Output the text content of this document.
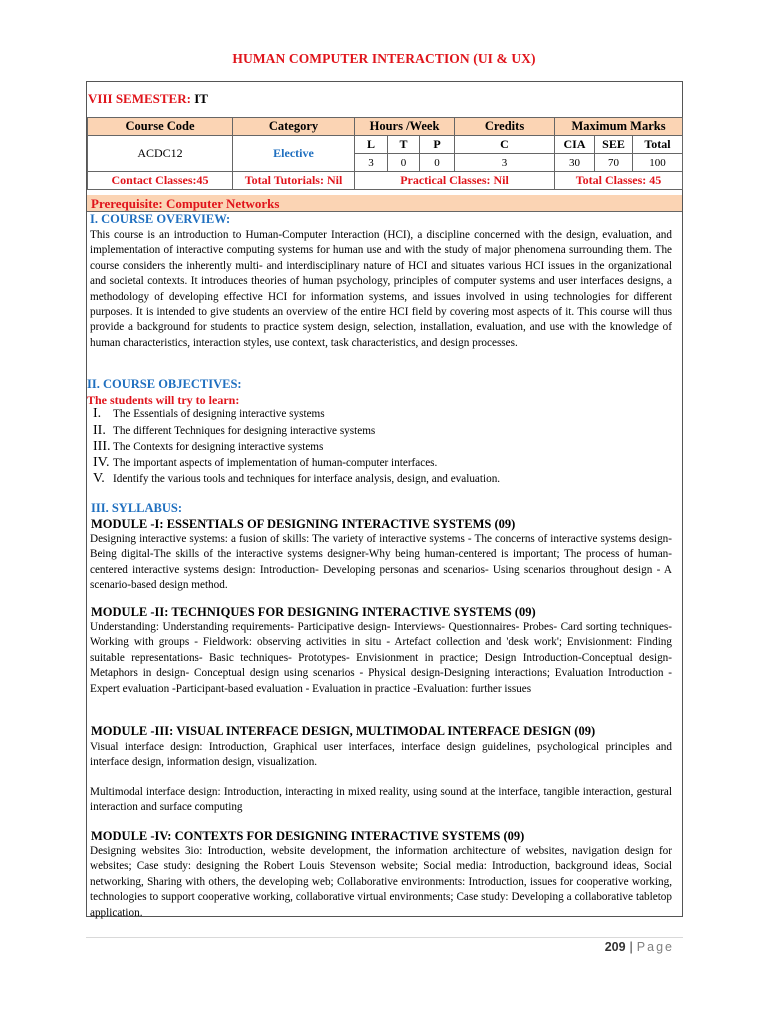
HUMAN COMPUTER INTERACTION (UI & UX)
VIII SEMESTER: IT
Course Code	Category	Hours /Week			Credits	Maximum Marks		
ACDC12	Elective	L	T	P	C	CIA	SEE	Total
		3	0	0	3	30	70	100
Contact Classes:45	Total Tutorials: Nil	Practical Classes: Nil				Total Classes: 45		
Prerequisite: Computer Networks
I. COURSE OVERVIEW:
This course is an introduction to Human-Computer Interaction (HCI), a discipline concerned with the design, evaluation, and implementation of interactive computing systems for human use and with the study of major phenomena surrounding them. The course considers the inherently multi- and interdisciplinary nature of HCI and situates various HCI issues in the organizational and societal contexts. It introduces theories of human psychology, principles of computer systems and user interfaces designs, a methodology of developing effective HCI for information systems, and issues involved in using technologies for different purposes. It is intended to give students an overview of the entire HCI field by covering most aspects of it. This course will thus provide a background for students to practice system design, selection, installation, evaluation, and use with the knowledge of human characteristics, interaction styles, use context, task characteristics, and design processes.
II. COURSE OBJECTIVES:
The students will try to learn:
I. The Essentials of designing interactive systems
II. The different Techniques for designing interactive systems
III. The Contexts for designing interactive systems
IV. The important aspects of implementation of human-computer interfaces.
V. Identify the various tools and techniques for interface analysis, design, and evaluation.
III. SYLLABUS:
MODULE -I: ESSENTIALS OF DESIGNING INTERACTIVE SYSTEMS (09)
Designing interactive systems: a fusion of skills: The variety of interactive systems - The concerns of interactive systems design-Being digital-The skills of the interactive systems designer-Why being human-centered is important; The process of human-centered interactive systems design: Introduction- Developing personas and scenarios- Using scenarios throughout design - A scenario-based design method.
MODULE -II: TECHNIQUES FOR DESIGNING INTERACTIVE SYSTEMS (09)
Understanding: Understanding requirements- Participative design- Interviews- Questionnaires- Probes- Card sorting techniques-Working with groups - Fieldwork: observing activities in situ - Artefact collection and 'desk work'; Envisionment: Finding suitable representations- Basic techniques- Prototypes- Envisionment in practice; Design Introduction-Conceptual design- Metaphors in design- Conceptual design using scenarios - Physical design-Designing interactions; Evaluation Introduction -Expert evaluation -Participant-based evaluation - Evaluation in practice -Evaluation: further issues
MODULE -III: VISUAL INTERFACE DESIGN, MULTIMODAL INTERFACE DESIGN (09)
Visual interface design: Introduction, Graphical user interfaces, interface design guidelines, psychological principles and interface design, information design, visualization.
Multimodal interface design: Introduction, interacting in mixed reality, using sound at the interface, tangible interaction, gestural interaction and surface computing
MODULE -IV: CONTEXTS FOR DESIGNING INTERACTIVE SYSTEMS (09)
Designing websites 3io: Introduction, website development, the information architecture of websites, navigation design for websites; Case study: designing the Robert Louis Stevenson website; Social media: Introduction, background ideas, Social networking, Sharing with others, the developing web; Collaborative environments: Introduction, issues for cooperative working, technologies to support cooperative working, collaborative virtual environments; Case study: Developing a collaborative tabletop application.
209 | Page
